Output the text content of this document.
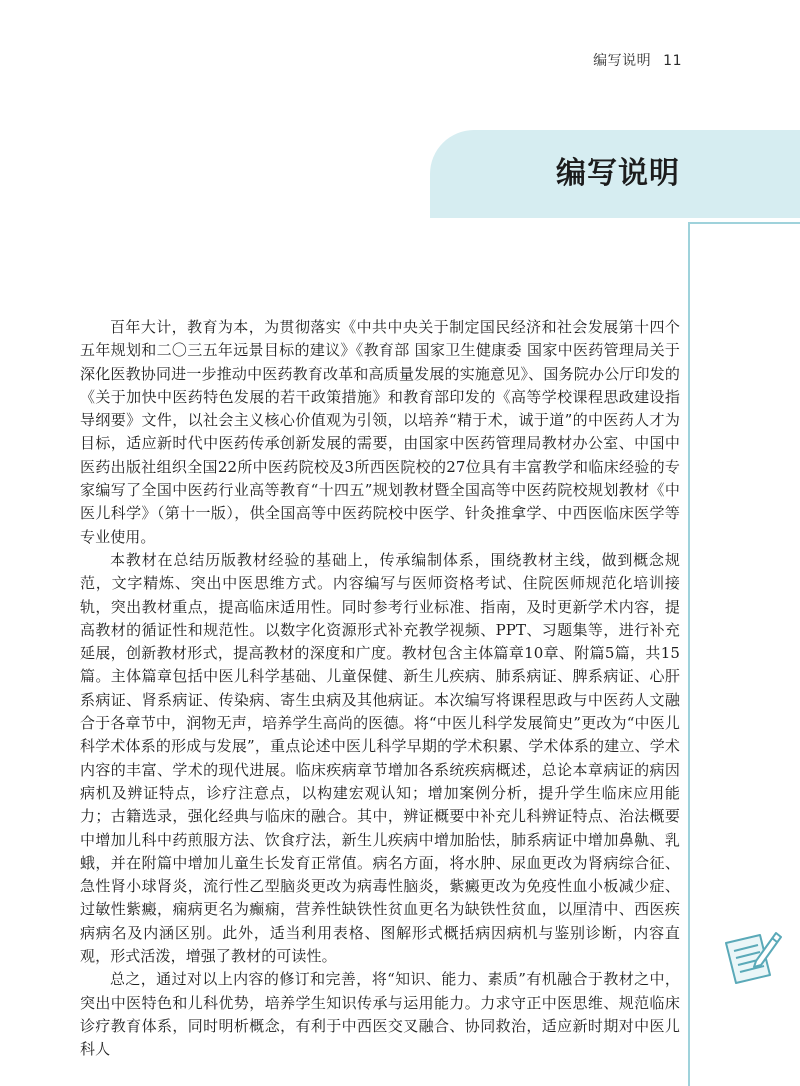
编写说明 11
编写说明

百年大计，教育为本，为贯彻落实《中共中央关于制定国民经济和社会发展第十四个五年规划和二〇三五年远景目标的建议》《教育部 国家卫生健康委 国家中医药管理局关于深化医教协同进一步推动中医药教育改革和高质量发展的实施意见》、国务院办公厅印发的《关于加快中医药特色发展的若干政策措施》和教育部印发的《高等学校课程思政建设指导纲要》文件，以社会主义核心价值观为引领，以培养“精于术，诚于道”的中医药人才为目标，适应新时代中医药传承创新发展的需要，由国家中医药管理局教材办公室、中国中医药出版社组织全国22所中医药院校及3所西医院校的27位具有丰富教学和临床经验的专家编写了全国中医药行业高等教育“十四五”规划教材暨全国高等中医药院校规划教材《中医儿科学》（第十一版），供全国高等中医药院校中医学、针灸推拿学、中西医临床医学等专业使用。

本教材在总结历版教材经验的基础上，传承编制体系，围绕教材主线，做到概念规范，文字精炼、突出中医思维方式。内容编写与医师资格考试、住院医师规范化培训接轨，突出教材重点，提高临床适用性。同时参考行业标准、指南，及时更新学术内容，提高教材的循证性和规范性。以数字化资源形式补充教学视频、PPT、习题集等，进行补充延展，创新教材形式，提高教材的深度和广度。教材包含主体篇章10章、附篇5篇，共15篇。主体篇章包括中医儿科学基础、儿童保健、新生儿疾病、肺系病证、脾系病证、心肝系病证、肾系病证、传染病、寄生虫病及其他病证。本次编写将课程思政与中医药人文融合于各章节中，润物无声，培养学生高尚的医德。将“中医儿科学发展简史”更改为“中医儿科学术体系的形成与发展”，重点论述中医儿科学早期的学术积累、学术体系的建立、学术内容的丰富、学术的现代进展。临床疾病章节增加各系统疾病概述，总论本章病证的病因病机及辨证特点，诊疗注意点，以构建宏观认知；增加案例分析，提升学生临床应用能力；古籍选录，强化经典与临床的融合。其中，辨证概要中补充儿科辨证特点、治法概要中增加儿科中药煎服方法、饮食疗法，新生儿疾病中增加胎怯，肺系病证中增加鼻鼽、乳蛾，并在附篇中增加儿童生长发育正常值。病名方面，将水肿、尿血更改为肾病综合征、急性肾小球肾炎，流行性乙型脑炎更改为病毒性脑炎，紫癜更改为免疫性血小板减少症、过敏性紫癜，痫病更名为癫痫，营养性缺铁性贫血更名为缺铁性贫血，以厘清中、西医疾病病名及内涵区别。此外，适当利用表格、图解形式概括病因病机与鉴别诊断，内容直观，形式活泼，增强了教材的可读性。

总之，通过对以上内容的修订和完善，将“知识、能力、素质”有机融合于教材之中，突出中医特色和儿科优势，培养学生知识传承与运用能力。力求守正中医思维、规范临床诊疗教育体系，同时明析概念，有利于中西医交叉融合、协同救治，适应新时期对中医儿科人
